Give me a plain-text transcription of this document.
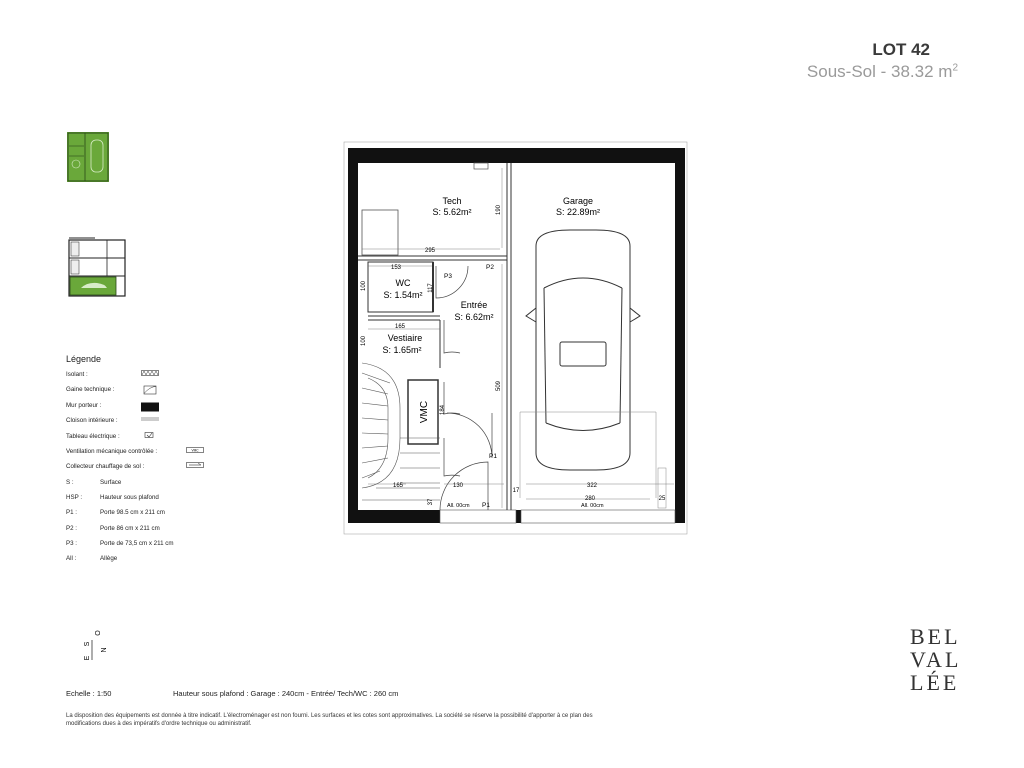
LOT 42
Sous-Sol - 38.32 $m^2$
Tech
S: 5.62m²
Garage
S: 22.89m²
WC
S: 1.54m²
Entrée
S: 6.62m²
Vestiaire
S: 1.65m²
VMC
P3
P2
P1
P1
295
153
190
117
165
100
100
509
184
165	130	322
280	25
37
17
All. 00cm	All. 00cm
Légende
Isolant :
Gaine technique :
Mur porteur :
Cloison intérieure :
Tableau électrique :
Ventilation mécanique contrôlée :	VMC
Collecteur chauffage de sol :
S :	Surface
HSP :	Hauteur sous plafond
P1 :	Porte 98.5 cm x 211 cm
P2 :	Porte 86 cm x 211 cm
P3 :	Porte de 73,5 cm x 211 cm
All :	Allège
S
O
E
N
Echelle : 1:50	Hauteur sous plafond : Garage : 240cm - Entrée/ Tech/WC : 260 cm
La disposition des équipements est donnée à titre indicatif. L'électroménager est non fourni. Les surfaces et les cotes sont approximatives. La société se réserve la possibilité d'apporter à ce plan des modifications dues à des impératifs d'ordre technique ou administratif.
BEL
VAL
LÉE
